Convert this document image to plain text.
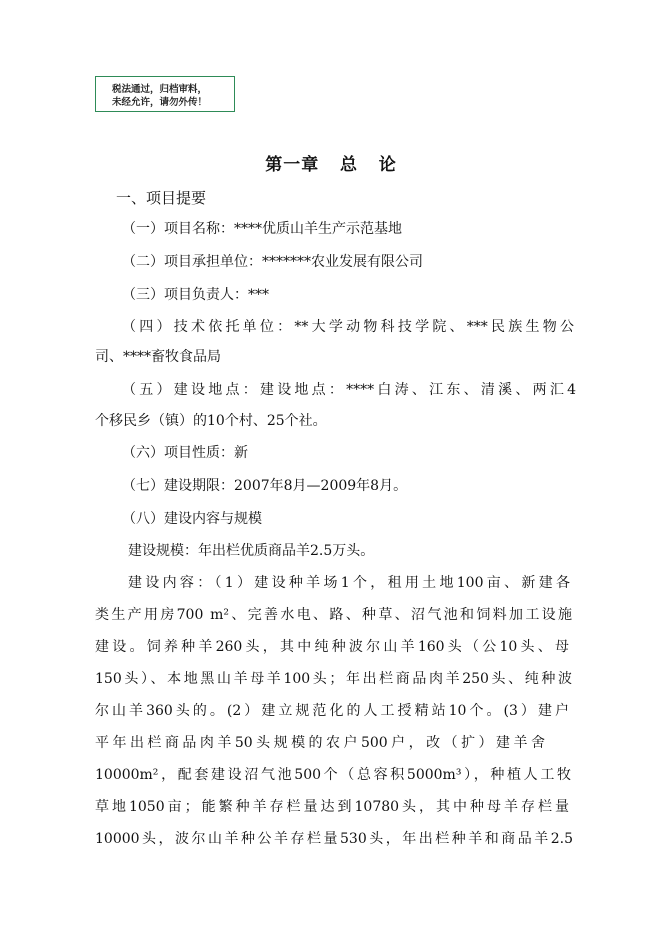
税法通过，归档审料，
未经允许，请勿外传！
第一章   总   论
一、项目提要
（一）项目名称：****优质山羊生产示范基地
（二）项目承担单位：*******农业发展有限公司
（三）项目负责人：***
（四）技术依托单位：**大学动物科技学院、***民族生物公
司、****畜牧食品局
（五）建设地点：建设地点：****白涛、江东、清溪、两汇4
个移民乡（镇）的10个村、25个社。
（六）项目性质：新
（七）建设期限：2007年8月—2009年8月。
（八）建设内容与规模
建设规模：年出栏优质商品羊2.5万头。
建设内容：（1）建设种羊场1个，租用土地100亩、新建各
类生产用房700 m²、完善水电、路、种草、沼气池和饲料加工设施
建设。饲养种羊260头，其中纯种波尔山羊160头（公10头、母
150头）、本地黑山羊母羊100头；年出栏商品肉羊250头、纯种波
尔山羊360头的。(2）建立规范化的人工授精站10个。(3）建户
平年出栏商品肉羊50头规模的农户500户，改（扩）建羊舍
10000m²，配套建设沼气池500个（总容积5000m³），种植人工牧
草地1050亩；能繁种羊存栏量达到10780头，其中种母羊存栏量
10000头，波尔山羊种公羊存栏量530头，年出栏种羊和商品羊2.5
